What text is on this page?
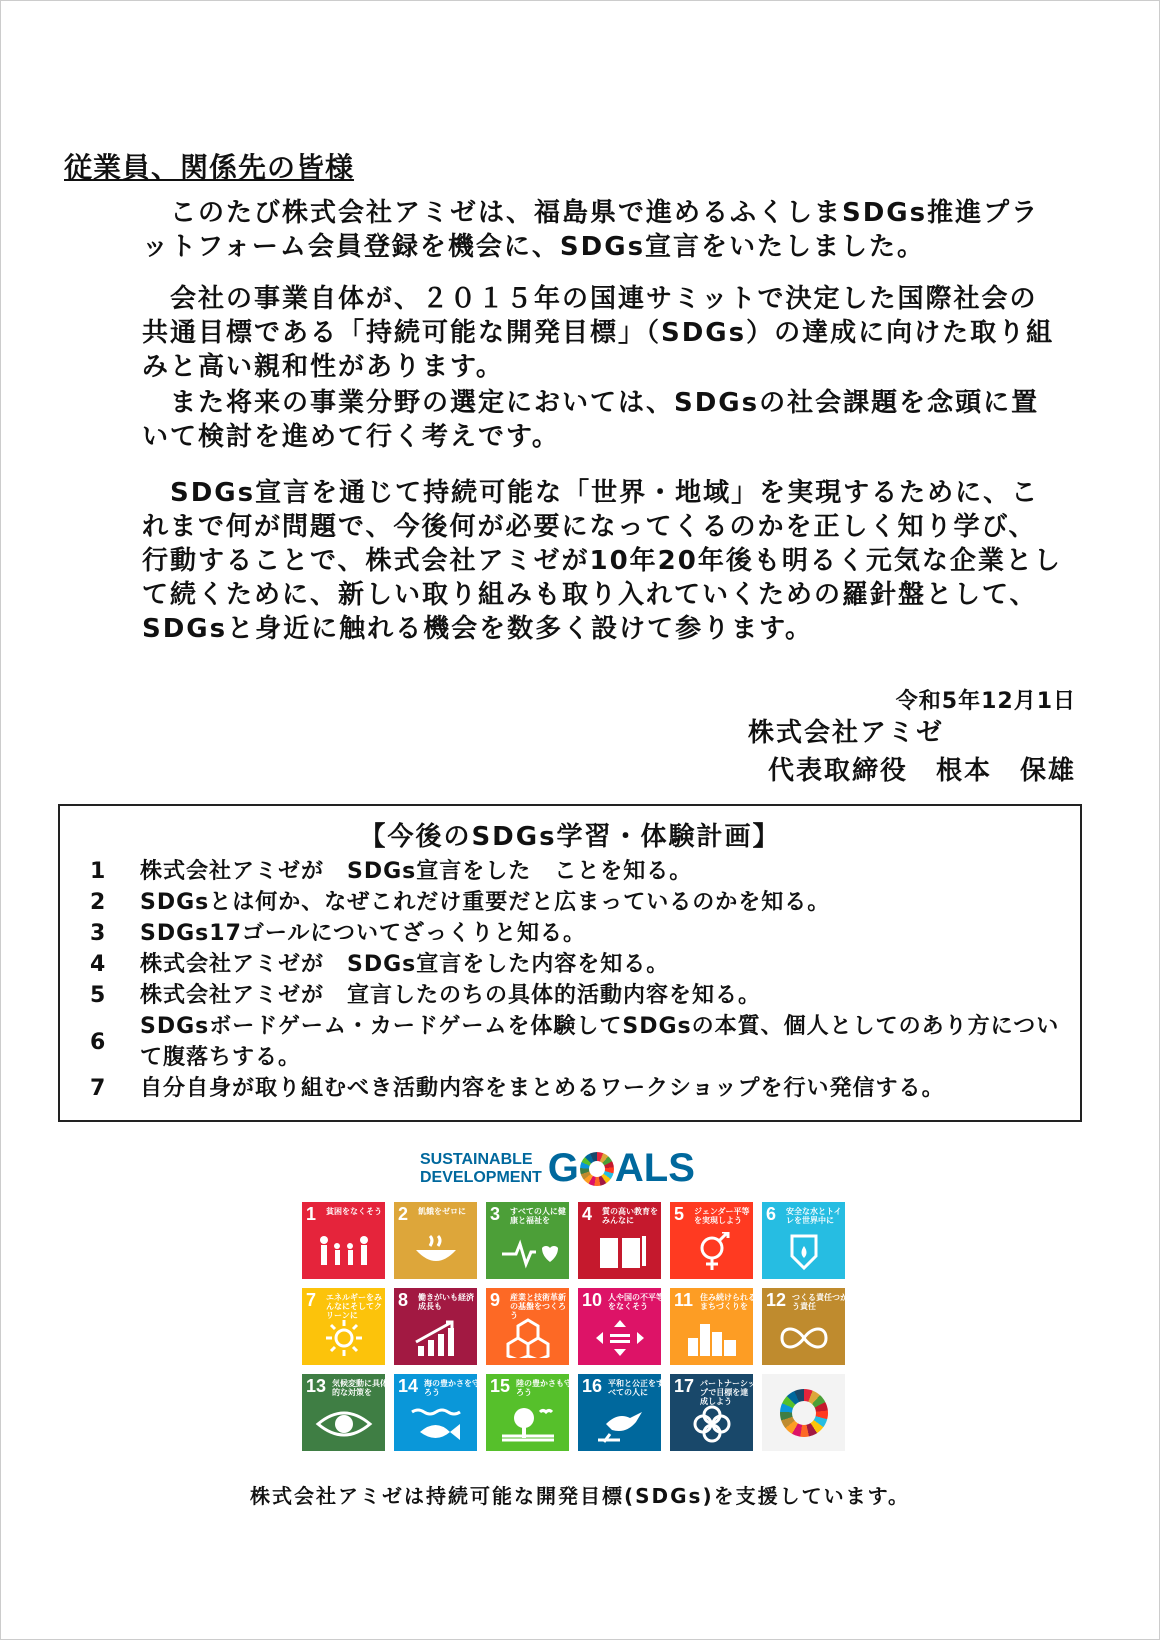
従業員、関係先の皆様

このたび株式会社アミゼは、福島県で進めるふくしまSDGs推進プラットフォーム会員登録を機会に、SDGs宣言をいたしました。

会社の事業自体が、２０１５年の国連サミットで決定した国際社会の共通目標である「持続可能な開発目標」（SDGs）の達成に向けた取り組みと高い親和性があります。

また将来の事業分野の選定においては、SDGsの社会課題を念頭に置いて検討を進めて行く考えです。

SDGs宣言を通じて持続可能な「世界・地域」を実現するために、これまで何が問題で、今後何が必要になってくるのかを正しく知り学び、行動することで、株式会社アミゼが10年20年後も明るく元気な企業として続くために、新しい取り組みも取り入れていくための羅針盤として、SDGsと身近に触れる機会を数多く設けて参ります。

令和5年12月1日
株式会社アミゼ
代表取締役　根本　保雄
【今後のSDGs学習・体験計画】
1	株式会社アミゼが　SDGs宣言をした　ことを知る。
2	SDGsとは何か、なぜこれだけ重要だと広まっているのかを知る。
3	SDGs17ゴールについてざっくりと知る。
4	株式会社アミゼが　SDGs宣言をした内容を知る。
5	株式会社アミゼが　宣言したのちの具体的活動内容を知る。
6
SDGsボードゲーム・カードゲームを体験してSDGsの本質、個人としてのあり方について腹落ちする。
7	自分自身が取り組むべき活動内容をまとめるワークショップを行い発信する。
SUSTAINABLE
DEVELOPMENT G ALS
1 貧困をなくそう 2 飢餓をゼロに	3 すべての人に健康と福祉を	4 質の高い教育をみんなに	5 ジェンダー平等を実現しよう	6 安全な水とトイレを世界中に
7 エネルギーをみんなにそしてクリーンに
8 働きがいも経済成長も	9 産業と技術革新の基盤をつくろう
10 人や国の不平等をなくそう	11 住み続けられるまちづくりを	12 つくる責任つかう責任
13 気候変動に具体的な対策を	14 海の豊かさを守ろう	15 陸の豊かさも守ろう	16 平和と公正をすべての人に	17 パートナーシップで目標を達成しよう
株式会社アミゼは持続可能な開発目標(SDGs)を支援しています。
